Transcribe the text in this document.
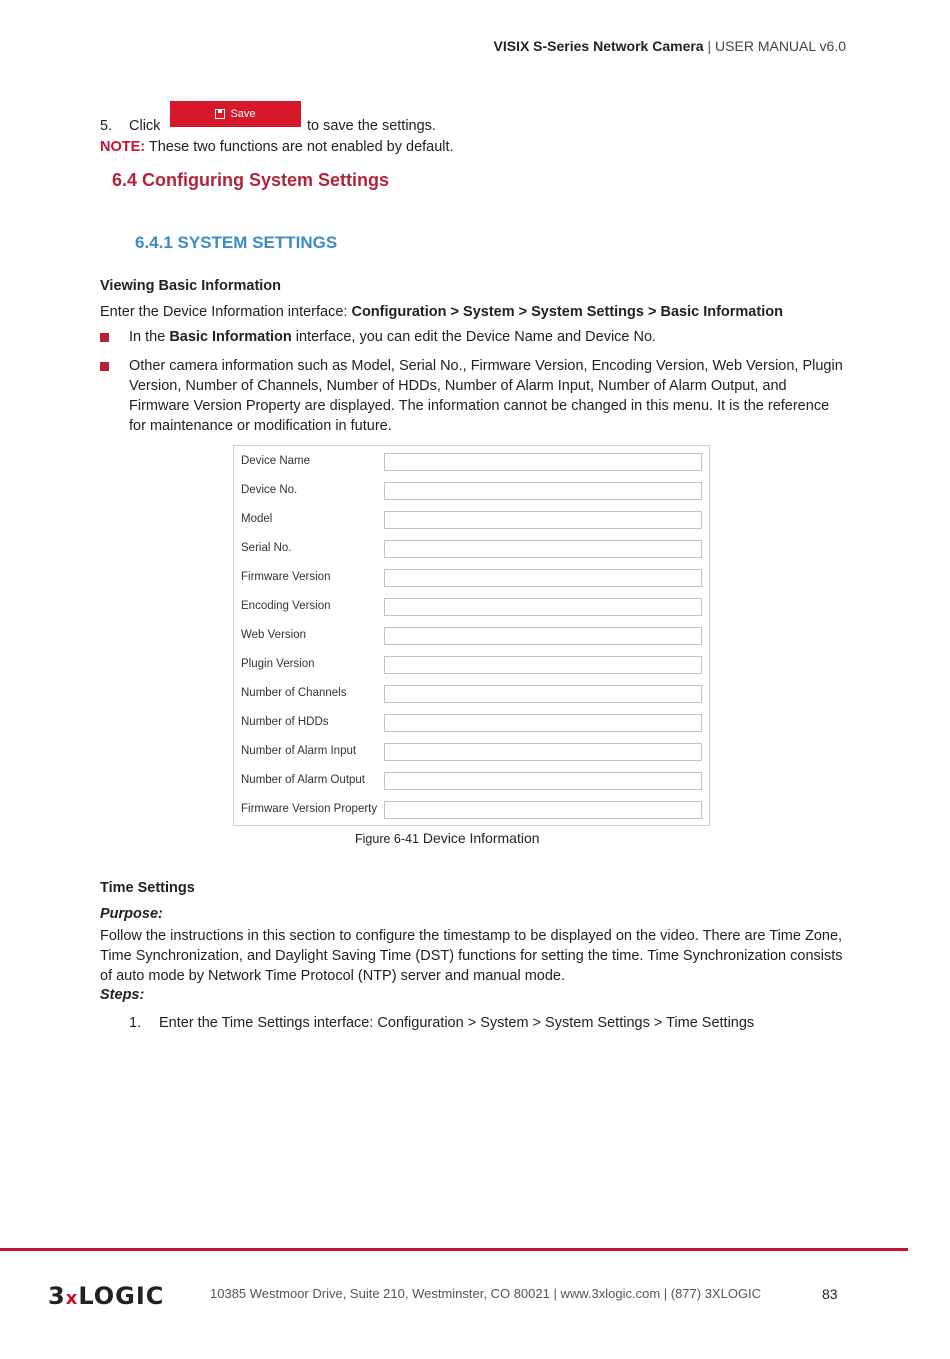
VISIX S-Series Network Camera | USER MANUAL v6.0
5. Click	to save the settings.
Save
NOTE: These two functions are not enabled by default.
6.4 Configuring System Settings
6.4.1 SYSTEM SETTINGS
Viewing Basic Information
Enter the Device Information interface: Configuration > System > System Settings > Basic Information
In the Basic Information interface, you can edit the Device Name and Device No.
Other camera information such as Model, Serial No., Firmware Version, Encoding Version, Web Version, Plugin Version, Number of Channels, Number of HDDs, Number of Alarm Input, Number of Alarm Output, and Firmware Version Property are displayed. The information cannot be changed in this menu. It is the reference for maintenance or modification in future.
Device Name
Device No.
Model
Serial No.
Firmware Version
Encoding Version
Web Version
Plugin Version
Number of Channels
Number of HDDs
Number of Alarm Input
Number of Alarm Output
Firmware Version Property
Figure 6-41 Device Information
Time Settings
Purpose:
Follow the instructions in this section to configure the timestamp to be displayed on the video. There are Time Zone, Time Synchronization, and Daylight Saving Time (DST) functions for setting the time. Time Synchronization consists of auto mode by Network Time Protocol (NTP) server and manual mode.
Steps:
1. Enter the Time Settings interface: Configuration > System > System Settings > Time Settings
3xLOGIC	10385 Westmoor Drive, Suite 210, Westminster, CO 80021 | www.3xlogic.com | (877) 3XLOGIC	83
